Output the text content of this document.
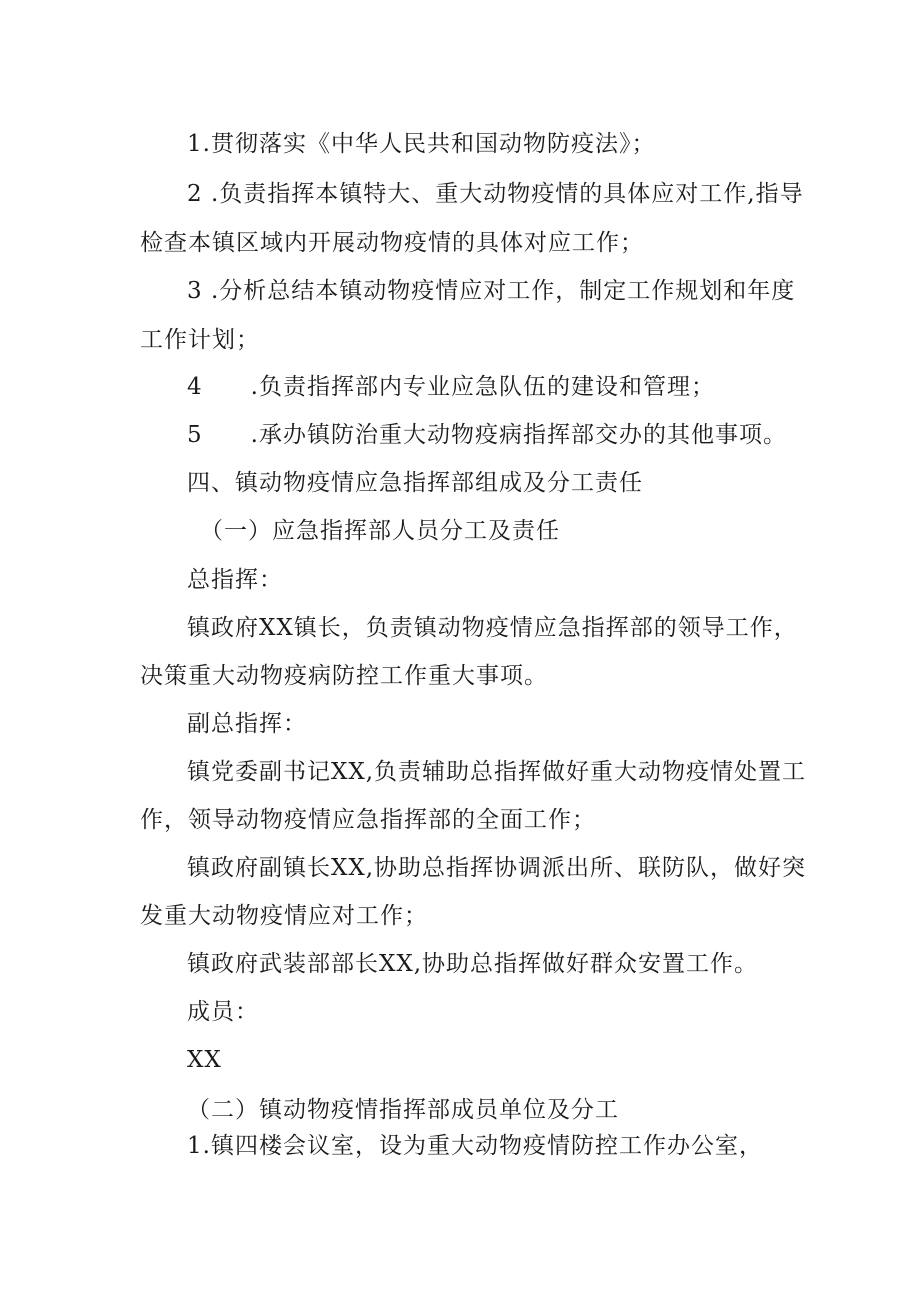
1.贯彻落实《中华人民共和国动物防疫法》；
2 .负责指挥本镇特大、重大动物疫情的具体应对工作,指导
检查本镇区域内开展动物疫情的具体对应工作；
3 .分析总结本镇动物疫情应对工作，制定工作规划和年度
工作计划；
4　　.负责指挥部内专业应急队伍的建设和管理；
5　　.承办镇防治重大动物疫病指挥部交办的其他事项。
四、镇动物疫情应急指挥部组成及分工责任
（一）应急指挥部人员分工及责任
总指挥：
镇政府XX镇长，负责镇动物疫情应急指挥部的领导工作，
决策重大动物疫病防控工作重大事项。
副总指挥：
镇党委副书记XX,负责辅助总指挥做好重大动物疫情处置工
作，领导动物疫情应急指挥部的全面工作；
镇政府副镇长XX,协助总指挥协调派出所、联防队，做好突
发重大动物疫情应对工作；
镇政府武装部部长XX,协助总指挥做好群众安置工作。
成员：
XX
（二）镇动物疫情指挥部成员单位及分工
1.镇四楼会议室，设为重大动物疫情防控工作办公室，
